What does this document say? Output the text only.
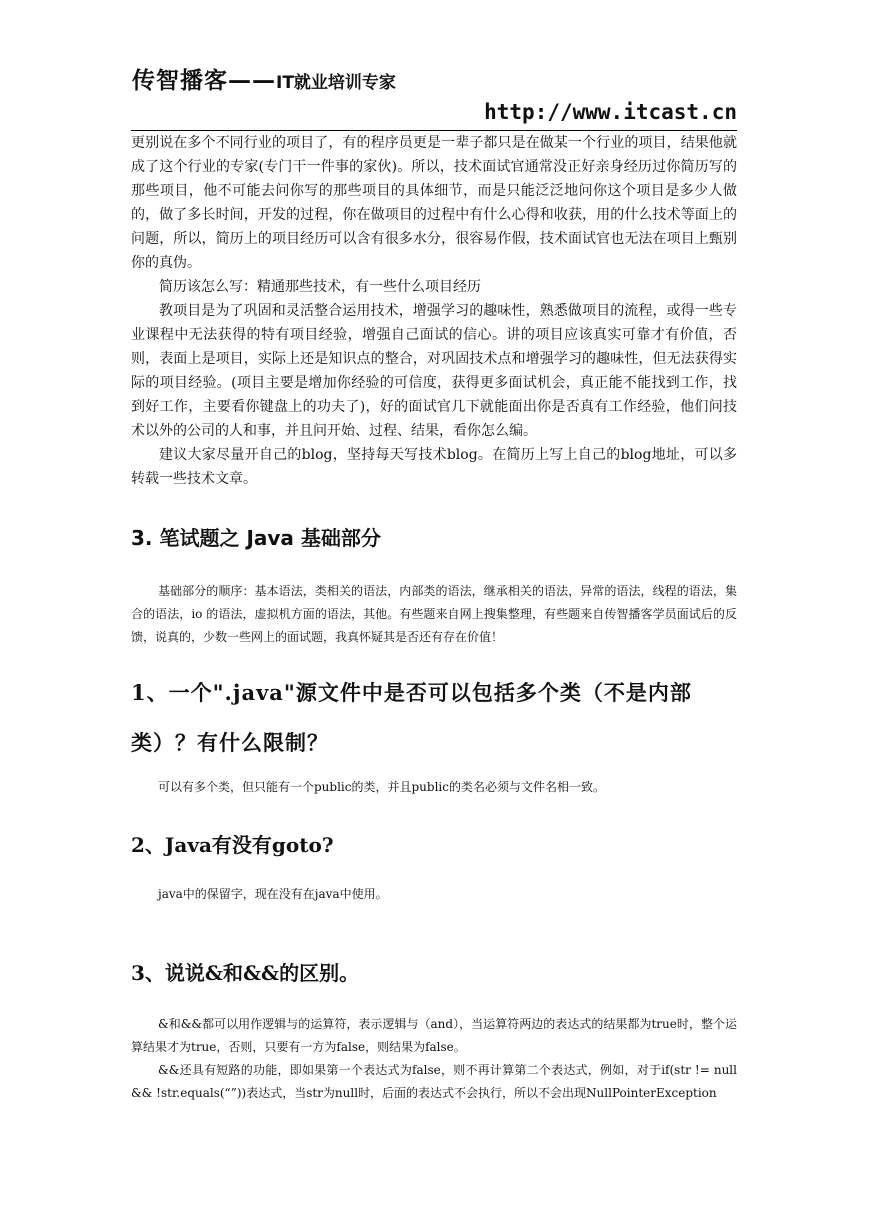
传智播客——IT就业培训专家
http://www.itcast.cn

更别说在多个不同行业的项目了，有的程序员更是一辈子都只是在做某一个行业的项目，结果他就成了这个行业的专家(专门干一件事的家伙)。所以，技术面试官通常没正好亲身经历过你简历写的那些项目，他不可能去问你写的那些项目的具体细节，而是只能泛泛地问你这个项目是多少人做的，做了多长时间，开发的过程，你在做项目的过程中有什么心得和收获，用的什么技术等面上的问题，所以，简历上的项目经历可以含有很多水分，很容易作假，技术面试官也无法在项目上甄别你的真伪。

简历该怎么写：精通那些技术，有一些什么项目经历

教项目是为了巩固和灵活整合运用技术，增强学习的趣味性，熟悉做项目的流程，或得一些专业课程中无法获得的特有项目经验，增强自己面试的信心。讲的项目应该真实可靠才有价值，否则，表面上是项目，实际上还是知识点的整合，对巩固技术点和增强学习的趣味性，但无法获得实际的项目经验。(项目主要是增加你经验的可信度，获得更多面试机会，真正能不能找到工作，找到好工作，主要看你键盘上的功夫了)，好的面试官几下就能面出你是否真有工作经验，他们问技术以外的公司的人和事，并且问开始、过程、结果，看你怎么编。

建议大家尽量开自己的blog，坚持每天写技术blog。在简历上写上自己的blog地址，可以多转载一些技术文章。

3. 笔试题之 Java 基础部分

基础部分的顺序：基本语法，类相关的语法，内部类的语法，继承相关的语法，异常的语法，线程的语法，集合的语法，io 的语法，虚拟机方面的语法，其他。有些题来自网上搜集整理，有些题来自传智播客学员面试后的反馈，说真的，少数一些网上的面试题，我真怀疑其是否还有存在价值！

1、一个".java"源文件中是否可以包括多个类（不是内部类）？有什么限制？

可以有多个类，但只能有一个public的类，并且public的类名必须与文件名相一致。

2、Java有没有goto?

java中的保留字，现在没有在java中使用。

3、说说&和&&的区别。

&和&&都可以用作逻辑与的运算符，表示逻辑与（and），当运算符两边的表达式的结果都为true时，整个运算结果才为true，否则，只要有一方为false，则结果为false。

&&还具有短路的功能，即如果第一个表达式为false，则不再计算第二个表达式，例如，对于if(str != null && !str.equals(“”))表达式，当str为null时，后面的表达式不会执行，所以不会出现NullPointerException
